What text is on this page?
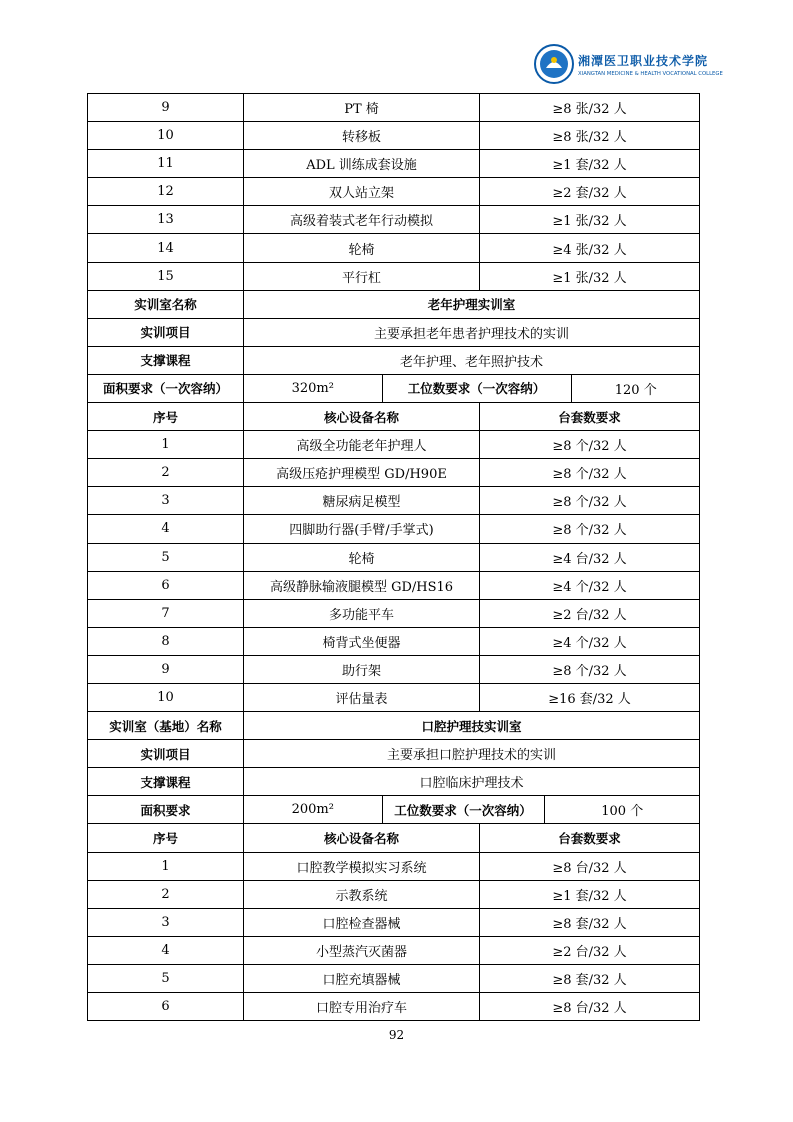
湘潭医卫职业技术学院
XIANGTAN MEDICINE & HEALTH VOCATIONAL COLLEGE
9	PT 椅	≥8 张/32 人
10	转移板	≥8 张/32 人
11	ADL 训练成套设施	≥1 套/32 人
12	双人站立架	≥2 套/32 人
13	高级着装式老年行动模拟	≥1 张/32 人
14	轮椅	≥4 张/32 人
15	平行杠	≥1 张/32 人
实训室名称	老年护理实训室
实训项目	主要承担老年患者护理技术的实训
支撑课程	老年护理、老年照护技术
面积要求（一次容纳）		320m²	工位数要求（一次容纳）	120 个

序号	核心设备名称	台套数要求
1	高级全功能老年护理人	≥8 个/32 人
2	高级压疮护理模型 GD/H90E	≥8 个/32 人
3	糖尿病足模型	≥8 个/32 人
4	四脚助行器(手臂/手掌式)	≥8 个/32 人
5	轮椅	≥4 台/32 人
6	高级静脉输液腿模型 GD/HS16	≥4 个/32 人
7	多功能平车	≥2 台/32 人
8	椅背式坐便器	≥4 个/32 人
9	助行架	≥8 个/32 人
10	评估量表	≥16 套/32 人
实训室（基地）名称	口腔护理技实训室
实训项目	主要承担口腔护理技术的实训
支撑课程	口腔临床护理技术
面积要求		200m²	工位数要求（一次容纳）	100 个

序号	核心设备名称	台套数要求
1	口腔教学模拟实习系统	≥8 台/32 人
2	示教系统	≥1 套/32 人
3	口腔检查器械	≥8 套/32 人
4	小型蒸汽灭菌器	≥2 台/32 人
5	口腔充填器械	≥8 套/32 人
6	口腔专用治疗车	≥8 台/32 人
92
